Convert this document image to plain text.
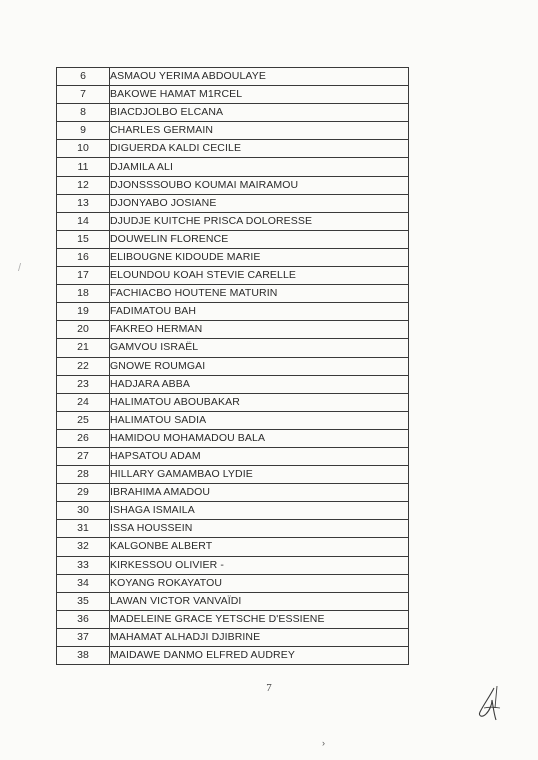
6	ASMAOU YERIMA ABDOULAYE
7	BAKOWE HAMAT M1RCEL
8	BIACDJOLBO ELCANA
9	CHARLES GERMAIN
10	DIGUERDA KALDI CECILE
11	DJAMILA ALI
12	DJONSSSOUBO KOUMAI MAIRAMOU
13	DJONYABO JOSIANE
14	DJUDJE KUITCHE PRISCA DOLORESSE
15	DOUWELIN FLORENCE
16	ELIBOUGNE KIDOUDE MARIE
17	ELOUNDOU KOAH STEVIE CARELLE
18	FACHIACBO HOUTENE MATURIN
19	FADIMATOU BAH
20	FAKREO HERMAN
21	GAMVOU ISRAËL
22	GNOWE ROUMGAI
23	HADJARA ABBA
24	HALIMATOU ABOUBAKAR
25	HALIMATOU SADIA
26	HAMIDOU MOHAMADOU BALA
27	HAPSATOU ADAM
28	HILLARY GAMAMBAO LYDIE
29	IBRAHIMA AMADOU
30	ISHAGA ISMAILA
31	ISSA HOUSSEIN
32	KALGONBE ALBERT
33	KIRKESSOU OLIVIER -
34	KOYANG ROKAYATOU
35	LAWAN VICTOR VANVAÏDI
36	MADELEINE GRACE YETSCHE D'ESSIENE
37	MAHAMAT ALHADJI DJIBRINE
38	MAIDAWE DANMO ELFRED AUDREY
/
7
›
